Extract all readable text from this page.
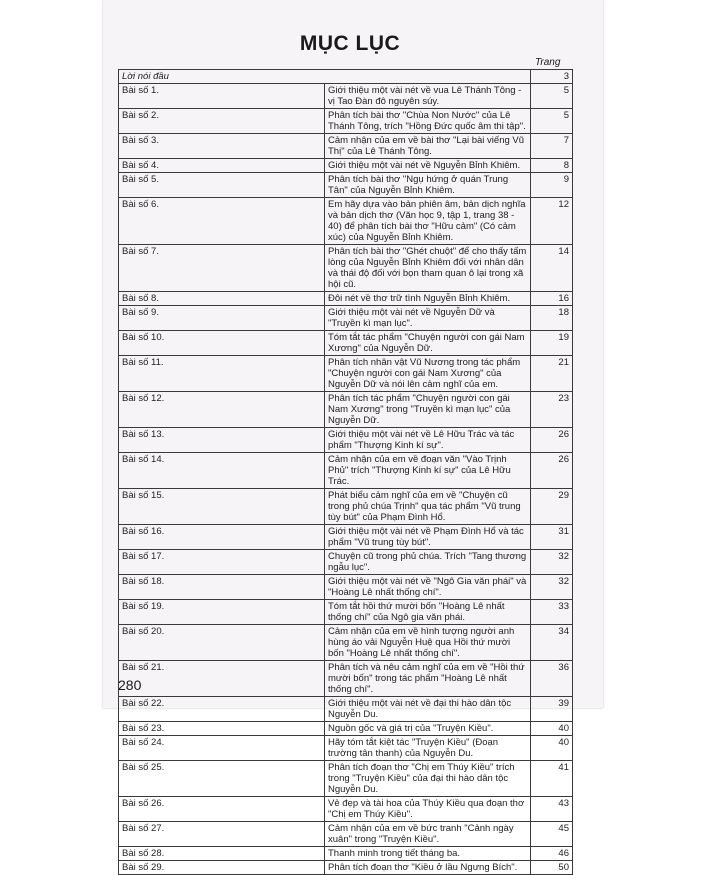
MỤC LỤC
Trang
Lời nói đầu		3
Bài số 1.	Giới thiệu một vài nét về vua Lê Thánh Tông - vị Tao Đàn đô nguyên súy.	5
Bài số 2.	Phân tích bài thơ "Chùa Non Nước" của Lê Thánh Tông, trích "Hồng Đức quốc âm thi tập".	5
Bài số 3.	Cảm nhận của em về bài thơ "Lại bài viếng Vũ Thị" của Lê Thánh Tông.	7
Bài số 4.	Giới thiệu một vài nét về Nguyễn Bỉnh Khiêm.	8
Bài số 5.	Phân tích bài thơ "Ngụ hứng ở quán Trung Tân" của Nguyễn Bỉnh Khiêm.	9
Bài số 6.	Em hãy dựa vào bản phiên âm, bản dịch nghĩa và bản dịch thơ (Văn học 9, tập 1, trang 38 - 40) để phân tích bài thơ "Hữu cảm" (Có cảm xúc) của Nguyễn Bỉnh Khiêm.	12
Bài số 7.	Phân tích bài thơ "Ghét chuột" để cho thấy tấm lòng của Nguyễn Bỉnh Khiêm đối với nhân dân và thái độ đối với bọn tham quan ô lại trong xã hội cũ.	14
Bài số 8.	Đôi nét về thơ trữ tình Nguyễn Bỉnh Khiêm.	16
Bài số 9.	Giới thiệu một vài nét về Nguyễn Dữ và "Truyền kì mạn lục".	18
Bài số 10.	Tóm tắt tác phẩm "Chuyện người con gái Nam Xương" của Nguyễn Dữ.	19
Bài số 11.	Phân tích nhân vật Vũ Nương trong tác phẩm "Chuyện người con gái Nam Xương" của Nguyễn Dữ và nói lên cảm nghĩ của em.	21
Bài số 12.	Phân tích tác phẩm "Chuyện người con gái Nam Xương" trong "Truyền kì mạn lục" của Nguyễn Dữ.	23
Bài số 13.	Giới thiệu một vài nét về Lê Hữu Trác và tác phẩm "Thượng Kinh kí sự".	26
Bài số 14.	Cảm nhận của em về đoạn văn "Vào Trịnh Phủ" trích "Thượng Kinh kí sự" của Lê Hữu Trác.	26
Bài số 15.	Phát biểu cảm nghĩ của em về "Chuyện cũ trong phủ chúa Trịnh" qua tác phẩm "Vũ trung tùy bút" của Phạm Đình Hổ.	29
Bài số 16.	Giới thiệu một vài nét về Phạm Đình Hổ và tác phẩm "Vũ trung tùy bút".	31
Bài số 17.	Chuyện cũ trong phủ chúa. Trích "Tang thương ngẫu lục".	32
Bài số 18.	Giới thiệu một vài nét về "Ngô Gia văn phái" và "Hoàng Lê nhất thống chí".	32
Bài số 19.	Tóm tắt hồi thứ mười bốn "Hoàng Lê nhất thống chí" của Ngô gia văn phái.	33
Bài số 20.	Cảm nhận của em về hình tượng người anh hùng áo vải Nguyễn Huệ qua Hồi thứ mười bốn "Hoàng Lê nhất thống chí".	34
Bài số 21.	Phân tích và nêu cảm nghĩ của em về "Hồi thứ mười bốn" trong tác phẩm "Hoàng Lê nhất thống chí".	36
Bài số 22.	Giới thiệu một vài nét về đại thi hào dân tộc Nguyễn Du.	39
Bài số 23.	Nguồn gốc và giá trị của "Truyện Kiều".	40
Bài số 24.	Hãy tóm tắt kiệt tác "Truyện Kiều" (Đoạn trường tân thanh) của Nguyễn Du.	40
Bài số 25.	Phân tích đoạn thơ "Chị em Thúy Kiều" trích trong "Truyện Kiều" của đại thi hào dân tộc Nguyễn Du.	41
Bài số 26.	Vẻ đẹp và tài hoa của Thúy Kiều qua đoạn thơ "Chị em Thúy Kiều".	43
Bài số 27.	Cảm nhận của em về bức tranh "Cảnh ngày xuân" trong "Truyện Kiều".	45
Bài số 28.	Thanh minh trong tiết tháng ba.	46
Bài số 29.	Phân tích đoạn thơ "Kiều ở lầu Ngưng Bích".	50
280
